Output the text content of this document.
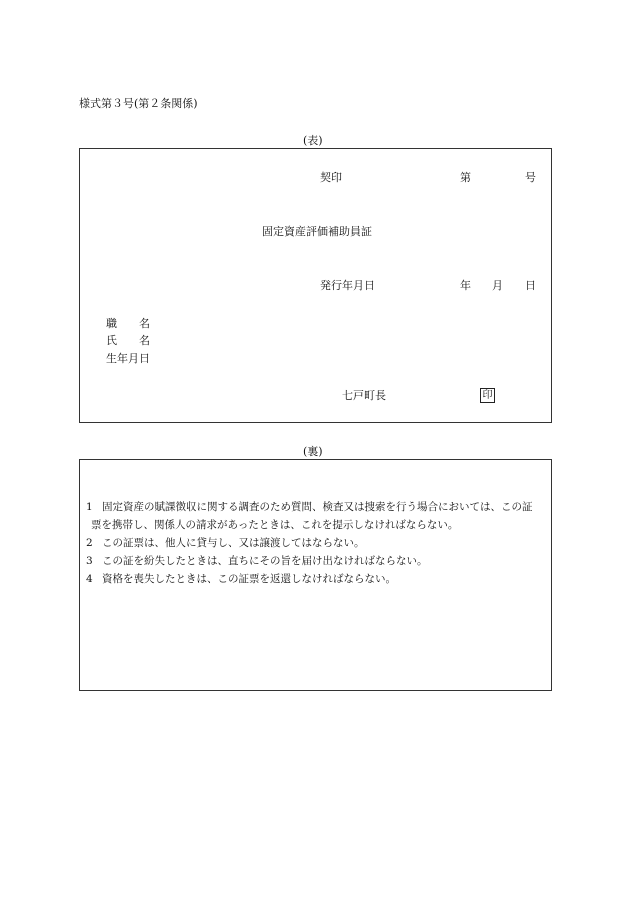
様式第３号(第２条関係)
(表)
契印	第	号
固定資産評価補助員証
発行年月日	年 月 日
職　　名
氏　　名
生年月日
七戸町長	印
(裏)
1 固定資産の賦課徴収に関する調査のため質問、検査又は捜索を行う場合においては、この証
票を携帯し、関係人の請求があったときは、これを提示しなければならない。
2 この証票は、他人に貸与し、又は譲渡してはならない。
3 この証を紛失したときは、直ちにその旨を届け出なければならない。
4 資格を喪失したときは、この証票を返還しなければならない。
